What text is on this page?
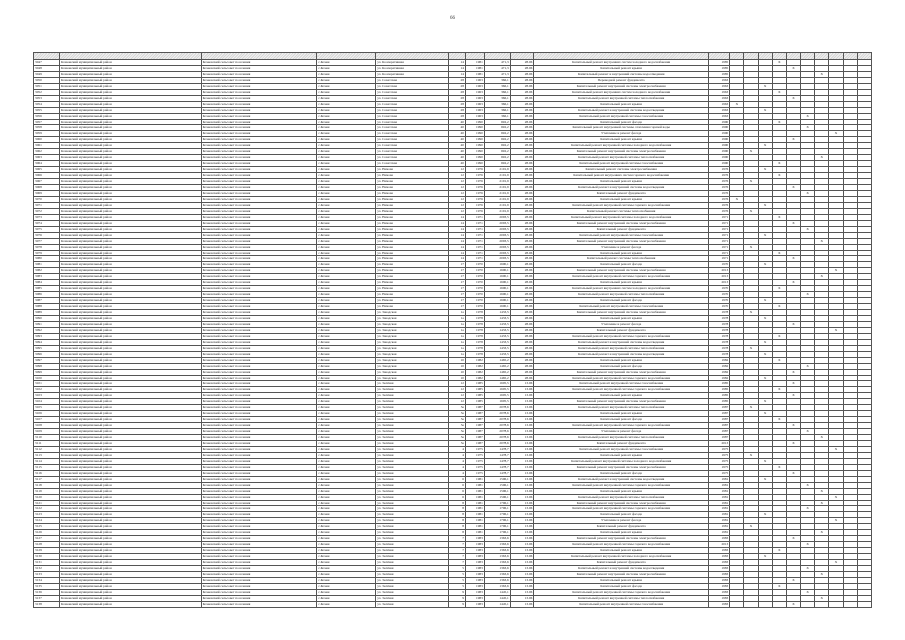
66

3047	Кочковский муниципальный район	Кочковский сельсовет поселения	с.Кочки	ул. Кооперативная	14	1981	471,3	28.06	Капитальный ремонт внутренних систем холодного водоснабжения	1985				X						
3048	Кочковский муниципальный район	Кочковский сельсовет поселения	с.Кочки	ул. Кооперативная	14	1981	471,3	28.06	Капитальный ремонт крыши	1985					X					
3049	Кочковский муниципальный район	Кочковский сельсовет поселения	с.Кочки	ул. Кооперативная	14	1981	471,3	28.06	Капитальный ремонт и внутренний системы водоотведения	1985							X			
3050	Кочковский муниципальный район	Кочковский сельсовет поселения	с.Кочки	ул. Советская	28	1963	366,1	28.06	Переводной ремонт фундамента	1963										
3051	Кочковский муниципальный район	Кочковский сельсовет поселения	с.Кочки	ул. Советская	28	1963	366,1	28.06	Капитальный ремонт внутренней системы электроснабжения	1963			X							
3052	Кочковский муниципальный район	Кочковский сельсовет поселения	с.Кочки	ул. Советская	28	1963	366,1	28.06	Капитальный ремонт внутренних систем холодного водоснабжения	1963				X						
3053	Кочковский муниципальный район	Кочковский сельсовет поселения	с.Кочки	ул. Советская	28	1963	366,1	28.06	Капитальный ремонт внутренней системы теплоснабжения	1963					X					
3054	Кочковский муниципальный район	Кочковский сельсовет поселения	с.Кочки	ул. Советская	28	1963	366,1	28.06	Капитальный ремонт крыши	1963	X									
3055	Кочковский муниципальный район	Кочковский сельсовет поселения	с.Кочки	ул. Советская	28	1963	366,1	28.06	Капитальный ремонт и внутренней системы водоотведения	1963			X							
3056	Кочковский муниципальный район	Кочковский сельсовет поселения	с.Кочки	ул. Советская	28	1963	366,1	28.06	Капитальный ремонт внутренней системы газоснабжения	1963						X				
3057	Кочковский муниципальный район	Кочковский сельсовет поселения	с.Кочки	ул. Советская	40	1990	692,2	28.06	Капитальный ремонт фасада	1990				X						
3058	Кочковский муниципальный район	Кочковский сельсовет поселения	с.Кочки	ул. Советская	40	1990	692,2	28.06	Капитальный ремонт внутренней системы отопления горячей воды	1990						X				
3059	Кочковский муниципальный район	Кочковский сельсовет поселения	с.Кочки	ул. Советская	40	1990	692,2	28.06	Утепление и ремонт фасада	1990								X		
3060	Кочковский муниципальный район	Кочковский сельсовет поселения	с.Кочки	ул. Советская	40	1990	692,2	28.06	Капитальный ремонт крыши	1990					X					
3061	Кочковский муниципальный район	Кочковский сельсовет поселения	с.Кочки	ул. Советская	40	1990	692,2	28.06	Капитальный ремонт внутренней системы холодного водоснабжения	1990			X							
3062	Кочковский муниципальный район	Кочковский сельсовет поселения	с.Кочки	ул. Советская	40	1990	692,2	28.06	Капитальный ремонт внутренней системы электроснабжения	1990		X								
3063	Кочковский муниципальный район	Кочковский сельсовет поселения	с.Кочки	ул. Советская	40	1990	692,2	28.06	Капитальный ремонт внутренней системы теплоснабжения	1990							X			
3064	Кочковский муниципальный район	Кочковский сельсовет поселения	с.Кочки	ул. Советская	40	1990	692,2	28.06	Капитальный ремонт внутренней системы газоснабжения	1990				X						
3065	Кочковский муниципальный район	Кочковский сельсовет поселения	с.Кочки	ул. Немова	12	1976	2101,9	28.06	Капитальный ремонт системы электроснабжения	1976			X							
3066	Кочковский муниципальный район	Кочковский сельсовет поселения	с.Кочки	ул. Немова	12	1976	2101,9	28.06	Капитальный ремонт внутренних систем горячего водоснабжения	1976				X						
3067	Кочковский муниципальный район	Кочковский сельсовет поселения	с.Кочки	ул. Немова	12	1976	2101,9	28.06	Капитальный ремонт крыши	1976		X								
3068	Кочковский муниципальный район	Кочковский сельсовет поселения	с.Кочки	ул. Немова	12	1976	2101,9	28.06	Капитальный ремонт и внутренней системы водоотведения	1976					X					
3069	Кочковский муниципальный район	Кочковский сельсовет поселения	с.Кочки	ул. Немова	12	1976	2101,9	28.06	Капитальный ремонт фундамента	1976						X				
3070	Кочковский муниципальный район	Кочковский сельсовет поселения	с.Кочки	ул. Немова	12	1976	2101,9	28.06	Капитальный ремонт крыши	1976	X									
3071	Кочковский муниципальный район	Кочковский сельсовет поселения	с.Кочки	ул. Немова	12	1976	2101,9	28.06	Капитальный ремонт внутренней системы горячего водоснабжения	1976			X							
3072	Кочковский муниципальный район	Кочковский сельсовет поселения	с.Кочки	ул. Немова	12	1976	2101,9	28.06	Капитальный ремонт системы теплоснабжения	1976		X								
3073	Кочковский муниципальный район	Кочковский сельсовет поселения	с.Кочки	ул. Немова	14	1971	2093,5	28.06	Капитальный ремонт внутренней системы холодного водоснабжения	1971				X						
3074	Кочковский муниципальный район	Кочковский сельсовет поселения	с.Кочки	ул. Немова	14	1971	2093,5	28.06	Капитальный ремонт внутренней системы электроснабжения	1971					X					
3075	Кочковский муниципальный район	Кочковский сельсовет поселения	с.Кочки	ул. Немова	14	1971	2093,5	28.06	Капитальный ремонт фундамента	1971						X				
3076	Кочковский муниципальный район	Кочковский сельсовет поселения	с.Кочки	ул. Немова	14	1971	2093,5	28.06	Капитальный ремонт внутренней системы газоснабжения	1971			X							
3077	Кочковский муниципальный район	Кочковский сельсовет поселения	с.Кочки	ул. Немова	14	1971	2093,5	28.06	Капитальный ремонт внутренней системы электроснабжения	1971							X			
3078	Кочковский муниципальный район	Кочковский сельсовет поселения	с.Кочки	ул. Немова	14	1971	2093,5	28.06	Утепление и ремонт фасада	1971		X								
3079	Кочковский муниципальный район	Кочковский сельсовет поселения	с.Кочки	ул. Немова	14	1971	2093,5	28.06	Капитальный ремонт крыши	1971				X						
3080	Кочковский муниципальный район	Кочковский сельсовет поселения	с.Кочки	ул. Немова	14	1971	2093,5	28.06	Капитальный ремонт системы теплоснабжения	1971					X					
3081	Кочковский муниципальный район	Кочковский сельсовет поселения	с.Кочки	ул. Немова	17	1970	1600,1	28.06	Капитальный ремонт фасада	1970			X							
3082	Кочковский муниципальный район	Кочковский сельсовет поселения	с.Кочки	ул. Немова	17	1970	1600,1	28.06	Капитальный ремонт внутренней системы электроснабжения	2013								X		
3083	Кочковский муниципальный район	Кочковский сельсовет поселения	с.Кочки	ул. Немова	17	1970	1600,1	28.06	Капитальный ремонт внутренней системы горячего водоснабжения	2013							X			
3084	Кочковский муниципальный район	Кочковский сельсовет поселения	с.Кочки	ул. Немова	17	1970	1600,1	28.06	Капитальный ремонт крыши	2013					X					
3085	Кочковский муниципальный район	Кочковский сельсовет поселения	с.Кочки	ул. Немова	17	1970	1600,1	28.06	Капитальный ремонт внутренних систем холодного водоснабжения	1970				X						
3086	Кочковский муниципальный район	Кочковский сельсовет поселения	с.Кочки	ул. Немова	17	1970	1600,1	28.06	Капитальный ремонт внутренней системы теплоснабжения	1970						X				
3087	Кочковский муниципальный район	Кочковский сельсовет поселения	с.Кочки	ул. Немова	17	1970	1600,1	28.06	Капитальный ремонт фасада	1970			X							
3088	Кочковский муниципальный район	Кочковский сельсовет поселения	с.Кочки	ул. Немова	17	1970	1600,1	28.06	Капитальный ремонт внутренней системы газоснабжения	1970				X						
3089	Кочковский муниципальный район	Кочковский сельсовет поселения	с.Кочки	ул. Заводская	1а	1978	1433,5	28.06	Капитальный ремонт внутренней системы электроснабжения	1978		X								
3090	Кочковский муниципальный район	Кочковский сельсовет поселения	с.Кочки	ул. Заводская	1а	1978	1433,5	28.06	Капитальный ремонт крыши	1978			X							
3091	Кочковский муниципальный район	Кочковский сельсовет поселения	с.Кочки	ул. Заводская	1а	1978	1433,5	28.06	Утепление и ремонт фасада	1978					X					
3092	Кочковский муниципальный район	Кочковский сельсовет поселения	с.Кочки	ул. Заводская	1а	1978	1433,5	28.06	Капитальный ремонт фундамента	1978								X		
3093	Кочковский муниципальный район	Кочковский сельсовет поселения	с.Кочки	ул. Заводская	1а	1978	1433,5	28.06	Капитальный ремонт внутренней системы горячего водоснабжения	1978				X						
3094	Кочковский муниципальный район	Кочковский сельсовет поселения	с.Кочки	ул. Заводская	1а	1978	1433,5	28.06	Капитальный ремонт и внутренней системы водоотведения	1978			X							
3095	Кочковский муниципальный район	Кочковский сельсовет поселения	с.Кочки	ул. Заводская	1а	1978	1433,5	28.06	Капитальный ремонт внутренней системы теплоснабжения	1978		X								
3096	Кочковский муниципальный район	Кочковский сельсовет поселения	с.Кочки	ул. Заводская	1а	1978	1433,5	28.06	Капитальный ремонт и внутренней системы водоотведения	1978			X							
3097	Кочковский муниципальный район	Кочковский сельсовет поселения	с.Кочки	ул. Заводская	10	1982	1465,2	28.06	Капитальный ремонт крыши	1982				X						
3098	Кочковский муниципальный район	Кочковский сельсовет поселения	с.Кочки	ул. Заводская	10	1982	1465,2	28.06	Капитальный ремонт фасада	1982						X				
3099	Кочковский муниципальный район	Кочковский сельсовет поселения	с.Кочки	ул. Заводская	10	1982	1465,2	28.06	Капитальный ремонт внутренней системы электроснабжения	1982					X					
3100	Кочковский муниципальный район	Кочковский сельсовет поселения	с.Кочки	ул. Заводская	10	1982	1465,2	28.06	Капитальный ремонт внутренней системы горячего водоснабжения	1982			X							
3101	Кочковский муниципальный район	Кочковский сельсовет поселения	с.Кочки	ул. Зелёная	12	1985	1605,5	13.06	Капитальный ремонт внутренней системы газоснабжения	1985					X					
3102	Кочковский муниципальный район	Кочковский сельсовет поселения	с.Кочки	ул. Зелёная	12	1985	1605,5	13.06	Капитальный ремонт внутренней системы горячего водоснабжения	1985				X						
3103	Кочковский муниципальный район	Кочковский сельсовет поселения	с.Кочки	ул. Зелёная	12	1985	1605,5	13.06	Капитальный ремонт крыши	1985					X					
3104	Кочковский муниципальный район	Кочковский сельсовет поселения	с.Кочки	ул. Зелёная	12	1985	1605,5	13.06	Капитальный ремонт внутренней системы электроснабжения	1985			X							
3105	Кочковский муниципальный район	Кочковский сельсовет поселения	с.Кочки	ул. Зелёная	3а	1987	2078,6	13.06	Капитальный ремонт внутренней системы теплоснабжения	1987		X								
3106	Кочковский муниципальный район	Кочковский сельсовет поселения	с.Кочки	ул. Зелёная	3а	1987	2078,6	13.06	Капитальный ремонт крыши	1987			X							
3107	Кочковский муниципальный район	Кочковский сельсовет поселения	с.Кочки	ул. Зелёная	3а	1987	2078,6	13.06	Капитальный ремонт фасада	1987				X						
3108	Кочковский муниципальный район	Кочковский сельсовет поселения	с.Кочки	ул. Зелёная	3а	1987	2078,6	13.06	Капитальный ремонт внутренней системы горячего водоснабжения	1987					X					
3109	Кочковский муниципальный район	Кочковский сельсовет поселения	с.Кочки	ул. Зелёная	3а	1987	2078,6	13.06	Утепление и ремонт фасада	1987						X				
3110	Кочковский муниципальный район	Кочковский сельсовет поселения	с.Кочки	ул. Зелёная	3а	1987	2078,6	13.06	Капитальный ремонт внутренней системы теплоснабжения	1987							X			
3111	Кочковский муниципальный район	Кочковский сельсовет поселения	с.Кочки	ул. Зелёная	3а	1987	2078,6	13.06	Капитальный ремонт фундамента	2013					X					
3112	Кочковский муниципальный район	Кочковский сельсовет поселения	с.Кочки	ул. Зелёная	4	1975	1478,7	13.06	Капитальный ремонт внутренней системы газоснабжения	1975								X		
3113	Кочковский муниципальный район	Кочковский сельсовет поселения	с.Кочки	ул. Зелёная	4	1975	1478,7	13.06	Капитальный ремонт крыши	1975		X								
3114	Кочковский муниципальный район	Кочковский сельсовет поселения	с.Кочки	ул. Зелёная	4	1975	1478,7	13.06	Капитальный ремонт внутренней системы холодного водоснабжения	1975			X							
3115	Кочковский муниципальный район	Кочковский сельсовет поселения	с.Кочки	ул. Зелёная	4	1975	1478,7	13.06	Капитальный ремонт внутренней системы электроснабжения	1975				X						
3116	Кочковский муниципальный район	Кочковский сельсовет поселения	с.Кочки	ул. Зелёная	4	1975	1478,7	13.06	Капитальный ремонт фасада	1975					X					
3117	Кочковский муниципальный район	Кочковский сельсовет поселения	с.Кочки	ул. Зелёная	6	1981	1596,1	13.06	Капитальный ремонт и внутренней системы водоотведения	1981			X							
3118	Кочковский муниципальный район	Кочковский сельсовет поселения	с.Кочки	ул. Зелёная	6	1981	1596,1	13.06	Капитальный ремонт внутренней системы горячего водоснабжения	1981						X				
3119	Кочковский муниципальный район	Кочковский сельсовет поселения	с.Кочки	ул. Зелёная	6	1981	1596,1	13.06	Капитальный ремонт крыши	1981							X			
3120	Кочковский муниципальный район	Кочковский сельсовет поселения	с.Кочки	ул. Зелёная	6	1981	1596,1	13.06	Капитальный ремонт внутренней системы теплоснабжения	1981								X		
3121	Кочковский муниципальный район	Кочковский сельсовет поселения	с.Кочки	ул. Зелёная	8	1981	1706,1	13.06	Капитальный ремонт внутренней системы электроснабжения	1981							X			
3122	Кочковский муниципальный район	Кочковский сельсовет поселения	с.Кочки	ул. Зелёная	8	1981	1706,1	13.06	Капитальный ремонт внутренней системы горячего водоснабжения	1981						X				
3123	Кочковский муниципальный район	Кочковский сельсовет поселения	с.Кочки	ул. Зелёная	8	1981	1706,1	13.06	Капитальный ремонт фасада	1981			X							
3124	Кочковский муниципальный район	Кочковский сельсовет поселения	с.Кочки	ул. Зелёная	8	1981	1706,1	13.06	Утепление и ремонт фасада	1981								X		
3125	Кочковский муниципальный район	Кочковский сельсовет поселения	с.Кочки	ул. Зелёная	8	1981	1706,1	13.06	Капитальный ремонт фундамента	1981		X								
3126	Кочковский муниципальный район	Кочковский сельсовет поселения	с.Кочки	ул. Зелёная	8	1981	1706,1	13.06	Капитальный ремонт крыши	1981							X			
3127	Кочковский муниципальный район	Кочковский сельсовет поселения	с.Кочки	ул. Зелёная	7	1983	1363,6	13.06	Капитальный ремонт внутренней системы электроснабжения	1983					X					
3128	Кочковский муниципальный район	Кочковский сельсовет поселения	с.Кочки	ул. Зелёная	7	1983	1363,6	13.06	Капитальный ремонт внутренней системы горячего водоснабжения	2013						X				
3129	Кочковский муниципальный район	Кочковский сельсовет поселения	с.Кочки	ул. Зелёная	7	1983	1363,6	13.06	Капитальный ремонт крыши	1983				X						
3130	Кочковский муниципальный район	Кочковский сельсовет поселения	с.Кочки	ул. Зелёная	7	1983	1363,6	13.06	Капитальный ремонт внутренней системы холодного водоснабжения	1983			X							
3131	Кочковский муниципальный район	Кочковский сельсовет поселения	с.Кочки	ул. Зелёная	7	1983	1363,6	13.06	Капитальный ремонт фундамента	1983								X		
3132	Кочковский муниципальный район	Кочковский сельсовет поселения	с.Кочки	ул. Зелёная	5	1983	1363,6	13.06	Капитальный ремонт и внутренней системы водоотведения	1983						X				
3133	Кочковский муниципальный район	Кочковский сельсовет поселения	с.Кочки	ул. Зелёная	5	1983	1363,6	13.06	Капитальный ремонт внутренней системы электроснабжения	1983							X			
3134	Кочковский муниципальный район	Кочковский сельсовет поселения	с.Кочки	ул. Зелёная	5	1983	1363,6	13.06	Капитальный ремонт крыши	1983					X					
3135	Кочковский муниципальный район	Кочковский сельсовет поселения	с.Кочки	ул. Зелёная	5	1983	1363,6	13.06	Капитальный ремонт фасада	1983				X						
3136	Кочковский муниципальный район	Кочковский сельсовет поселения	с.Кочки	ул. Зелёная	9	1983	1445,1	13.06	Капитальный ремонт внутренней системы горячего водоснабжения	1983						X				
3137	Кочковский муниципальный район	Кочковский сельсовет поселения	с.Кочки	ул. Зелёная	9	1983	1445,1	13.06	Капитальный ремонт внутренней системы теплоснабжения	1983							X			
3138	Кочковский муниципальный район	Кочковский сельсовет поселения	с.Кочки	ул. Зелёная	9	1983	1445,1	13.06	Капитальный ремонт внутренней системы газоснабжения	1983					X					
